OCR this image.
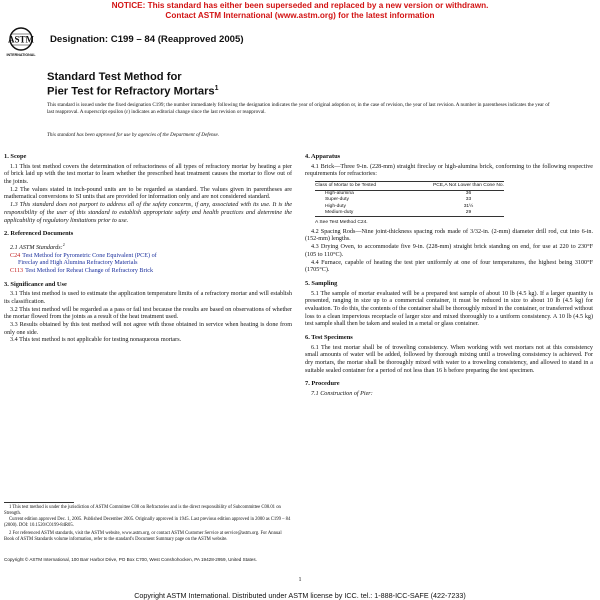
NOTICE: This standard has either been superseded and replaced by a new version or withdrawn.
Contact ASTM International (www.astm.org) for the latest information
ASTM
INTERNATIONAL
Designation: C199 – 84 (Reapproved 2005)
Standard Test Method for
Pier Test for Refractory Mortars$^1$

This standard is issued under the fixed designation C199; the number immediately following the designation indicates the year of original adoption or, in the case of revision, the year of last revision. A number in parentheses indicates the year of last reapproval. A superscript epsilon (ε) indicates an editorial change since the last revision or reapproval.

This standard has been approved for use by agencies of the Department of Defense.
1. Scope

1.1 This test method covers the determination of refractoriness of all types of refractory mortar by heating a pier of brick laid up with the test mortar to learn whether the prescribed heat treatment causes the mortar to flow out of the joints.

1.2 The values stated in inch-pound units are to be regarded as standard. The values given in parentheses are mathematical conversions to SI units that are provided for information only and are not considered standard.

1.3 This standard does not purport to address all of the safety concerns, if any, associated with its use. It is the responsibility of the user of this standard to establish appropriate safety and health practices and determine the applicability of regulatory limitations prior to use.

2. Referenced Documents

2.1 ASTM Standards:$^2$

C24 Test Method for Pyrometric Cone Equivalent (PCE) of
Fireclay and High Alumina Refractory Materials
C113 Test Method for Reheat Change of Refractory Brick
3. Significance and Use

3.1 This test method is used to estimate the application temperature limits of a refractory mortar and will establish its classification.

3.2 This test method will be regarded as a pass or fail test because the results are based on observations of whether the mortar flowed from the joints as a result of the heat treatment used.

3.3 Results obtained by this test method will not agree with those obtained in service when heating is done from only one side.

3.4 This test method is not applicable for testing nonaqueous mortars.

4. Apparatus

4.1 Brick—Three 9-in. (228-mm) straight fireclay or high-alumina brick, conforming to the following respective requirements for refractories:

Class of Mortar to be Tested	PCE,A Not Lower than Cone No.
High-alumina	36
Super-duty	33
High-duty	31½
Medium-duty	29
A See Test Method C24.

4.2 Spacing Rods—Nine joint-thickness spacing rods made of 3/32-in. (2-mm) diameter drill rod, cut into 6-in. (152-mm) lengths.

4.3 Drying Oven, to accommodate five 9-in. (228-mm) straight brick standing on end, for use at 220 to 230°F (105 to 110°C).

4.4 Furnace, capable of heating the test pier uniformly at one of four temperatures, the highest being 3100°F (1705°C).

5. Sampling

5.1 The sample of mortar evaluated will be a prepared test sample of about 10 lb (4.5 kg). If a larger quantity is presented, ranging in size up to a commercial container, it must be reduced in size to about 10 lb (4.5 kg) for evaluation. To do this, the contents of the container shall be thoroughly mixed in the container, or transferred without loss to a clean impervious receptacle of larger size and mixed thoroughly to a uniform consistency. A 10 lb (4.5 kg) test sample shall then be taken and sealed in a metal or glass container.

6. Test Specimens

6.1 The test mortar shall be of troweling consistency. When working with wet mortars not at this consistency small amounts of water will be added, followed by thorough mixing until a troweling consistency is achieved. For dry mortars, the mortar shall be thoroughly mixed with water to a troweling consistency, and allowed to stand in a suitable sealed container for a period of not less than 16 h before preparing the test specimen.

7. Procedure

7.1 Construction of Pier:

1 This test method is under the jurisdiction of ASTM Committee C08 on Refractories and is the direct responsibility of Subcommittee C08.01 on Strength.

Current edition approved Dec. 1, 2005. Published December 2005. Originally approved in 1945. Last previous edition approved in 2000 as C199 – 84 (2000). DOI: 10.1520/C0199-84R05.

2 For referenced ASTM standards, visit the ASTM website, www.astm.org, or contact ASTM Customer Service at service@astm.org. For Annual Book of ASTM Standards volume information, refer to the standard's Document Summary page on the ASTM website.

Copyright © ASTM International, 100 Barr Harbor Drive, PO Box C700, West Conshohocken, PA 19428-2959, United States.
1
Copyright ASTM International. Distributed under ASTM license by ICC. tel.: 1-888-ICC-SAFE (422-7233)
